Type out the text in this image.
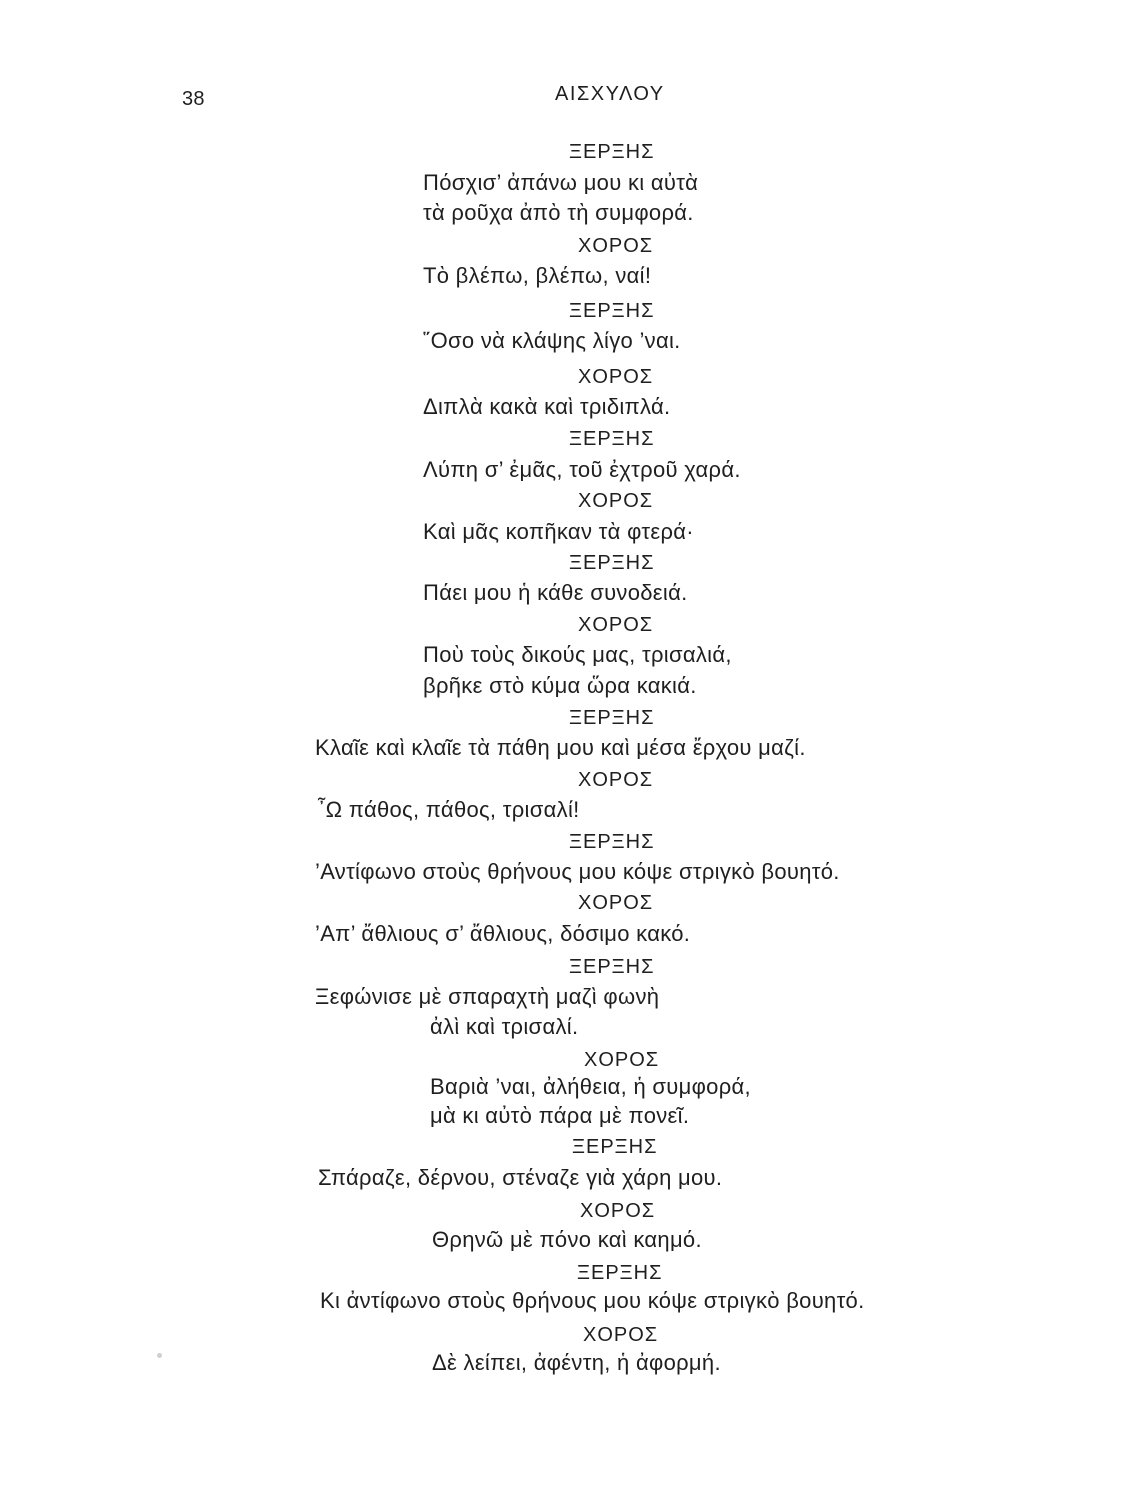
38	ΑΙΣΧΥΛΟΥ
ΞΕΡΞΗΣ
Πόσχισ’ ἀπάνω μου κι αὐτὰ
τὰ ροῦχα ἀπὸ τὴ συμφορά.
ΧΟΡΟΣ
Τὸ βλέπω, βλέπω, ναί!
ΞΕΡΞΗΣ
῞Οσο νὰ κλάψης λίγο ’ναι.
ΧΟΡΟΣ
Διπλὰ κακὰ καὶ τριδιπλά.
ΞΕΡΞΗΣ
Λύπη σ’ ἐμᾶς, τοῦ ἐχτροῦ χαρά.
ΧΟΡΟΣ
Καὶ μᾶς κοπῆκαν τὰ φτερά·
ΞΕΡΞΗΣ
Πάει μου ἡ κάθε συνοδειά.
ΧΟΡΟΣ
Ποὺ τοὺς δικούς μας, τρισαλιά,
βρῆκε στὸ κύμα ὥρα κακιά.
ΞΕΡΞΗΣ
Κλαῖε καὶ κλαῖε τὰ πάθη μου καὶ μέσα ἔρχου μαζί.
ΧΟΡΟΣ
῏Ω πάθος, πάθος, τρισαλί!
ΞΕΡΞΗΣ
’Αντίφωνο στοὺς θρήνους μου κόψε στριγκὸ βουητό.
ΧΟΡΟΣ
’Απ’ ἄθλιους σ’ ἄθλιους, δόσιμο κακό.
ΞΕΡΞΗΣ
Ξεφώνισε μὲ σπαραχτὴ μαζὶ φωνὴ
ἀλὶ καὶ τρισαλί.
ΧΟΡΟΣ
Βαριὰ ’ναι, ἀλήθεια, ἡ συμφορά,
μὰ κι αὐτὸ πάρα μὲ πονεῖ.
ΞΕΡΞΗΣ
Σπάραζε, δέρνου, στέναζε γιὰ χάρη μου.
ΧΟΡΟΣ
Θρηνῶ μὲ πόνο καὶ καημό.
ΞΕΡΞΗΣ
Κι ἀντίφωνο στοὺς θρήνους μου κόψε στριγκὸ βουητό.
ΧΟΡΟΣ
Δὲ λείπει, ἀφέντη, ἡ ἀφορμή.
